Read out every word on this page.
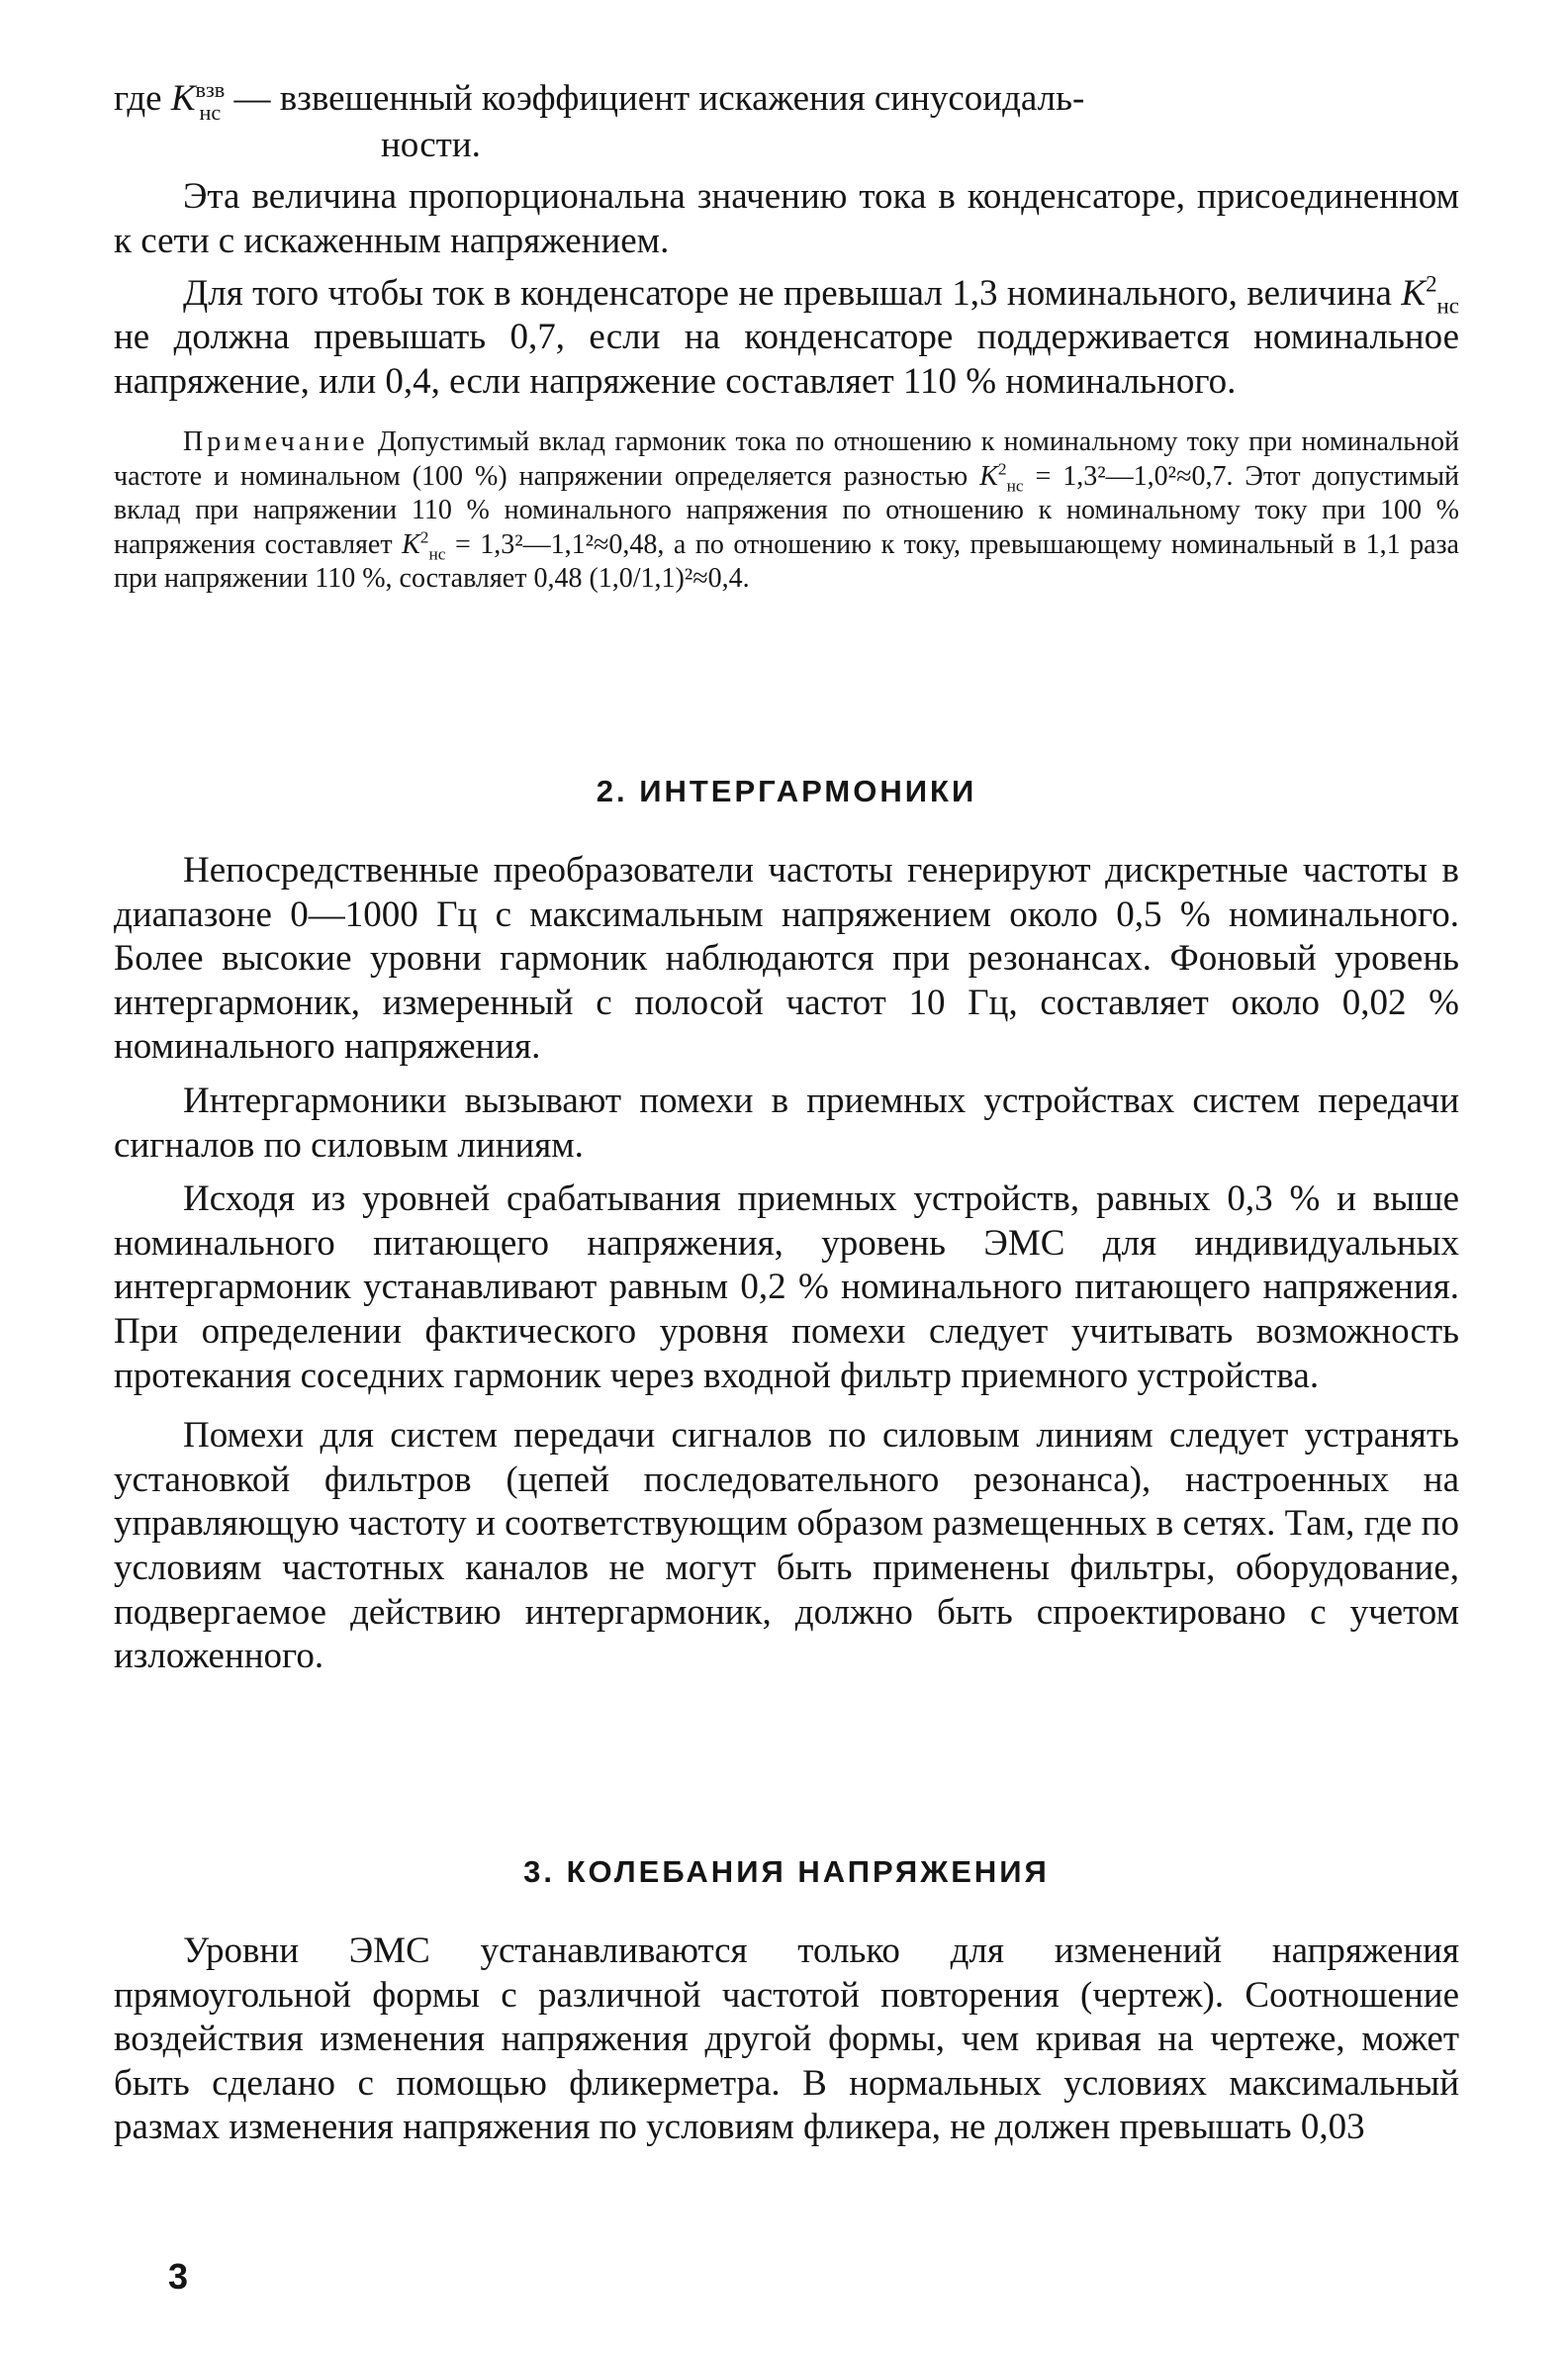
где K взв
нс — взвешенный коэффициент искажения синусоидаль-
ности.

Эта величина пропорциональна значению тока в конденсаторе, присоединенном к сети с искаженным напряжением.

Для того чтобы ток в конденсаторе не превышал 1,3 номинального, величина $K^2_{нс}$ не должна превышать 0,7, если на конденсаторе поддерживается номинальное напряжение, или 0,4, если напряжение составляет 110 % номинального.

Примечание Допустимый вклад гармоник тока по отношению к номинальному току при номинальной частоте и номинальном (100 %) напряжении определяется разностью $K^2_{нс}$ = 1,3²—1,0²≈0,7. Этот допустимый вклад при напряжении 110 % номинального напряжения по отношению к номинальному току при 100 % напряжения составляет $K^2_{нс}$ = 1,3²—1,1²≈0,48, а по отношению к току, превышающему номинальный в 1,1 раза при напряжении 110 %, составляет 0,48 (1,0/1,1)²≈0,4.

2. ИНТЕРГАРМОНИКИ

Непосредственные преобразователи частоты генерируют дискретные частоты в диапазоне 0—1000 Гц с максимальным напряжением около 0,5 % номинального. Более высокие уровни гармоник наблюдаются при резонансах. Фоновый уровень интергармоник, измеренный с полосой частот 10 Гц, составляет около 0,02 % номинального напряжения.

Интергармоники вызывают помехи в приемных устройствах систем передачи сигналов по силовым линиям.

Исходя из уровней срабатывания приемных устройств, равных 0,3 % и выше номинального питающего напряжения, уровень ЭМС для индивидуальных интергармоник устанавливают равным 0,2 % номинального питающего напряжения. При определении фактического уровня помехи следует учитывать возможность протекания соседних гармоник через входной фильтр приемного устройства.

Помехи для систем передачи сигналов по силовым линиям следует устранять установкой фильтров (цепей последовательного резонанса), настроенных на управляющую частоту и соответствующим образом размещенных в сетях. Там, где по условиям частотных каналов не могут быть применены фильтры, оборудование, подвергаемое действию интергармоник, должно быть спроектировано с учетом изложенного.

3. КОЛЕБАНИЯ НАПРЯЖЕНИЯ

Уровни ЭМС устанавливаются только для изменений напряжения прямоугольной формы с различной частотой повторения (чертеж). Соотношение воздействия изменения напряжения другой формы, чем кривая на чертеже, может быть сделано с помощью фликерметра. В нормальных условиях максимальный размах изменения напряжения по условиям фликера, не должен превышать 0,03

3
